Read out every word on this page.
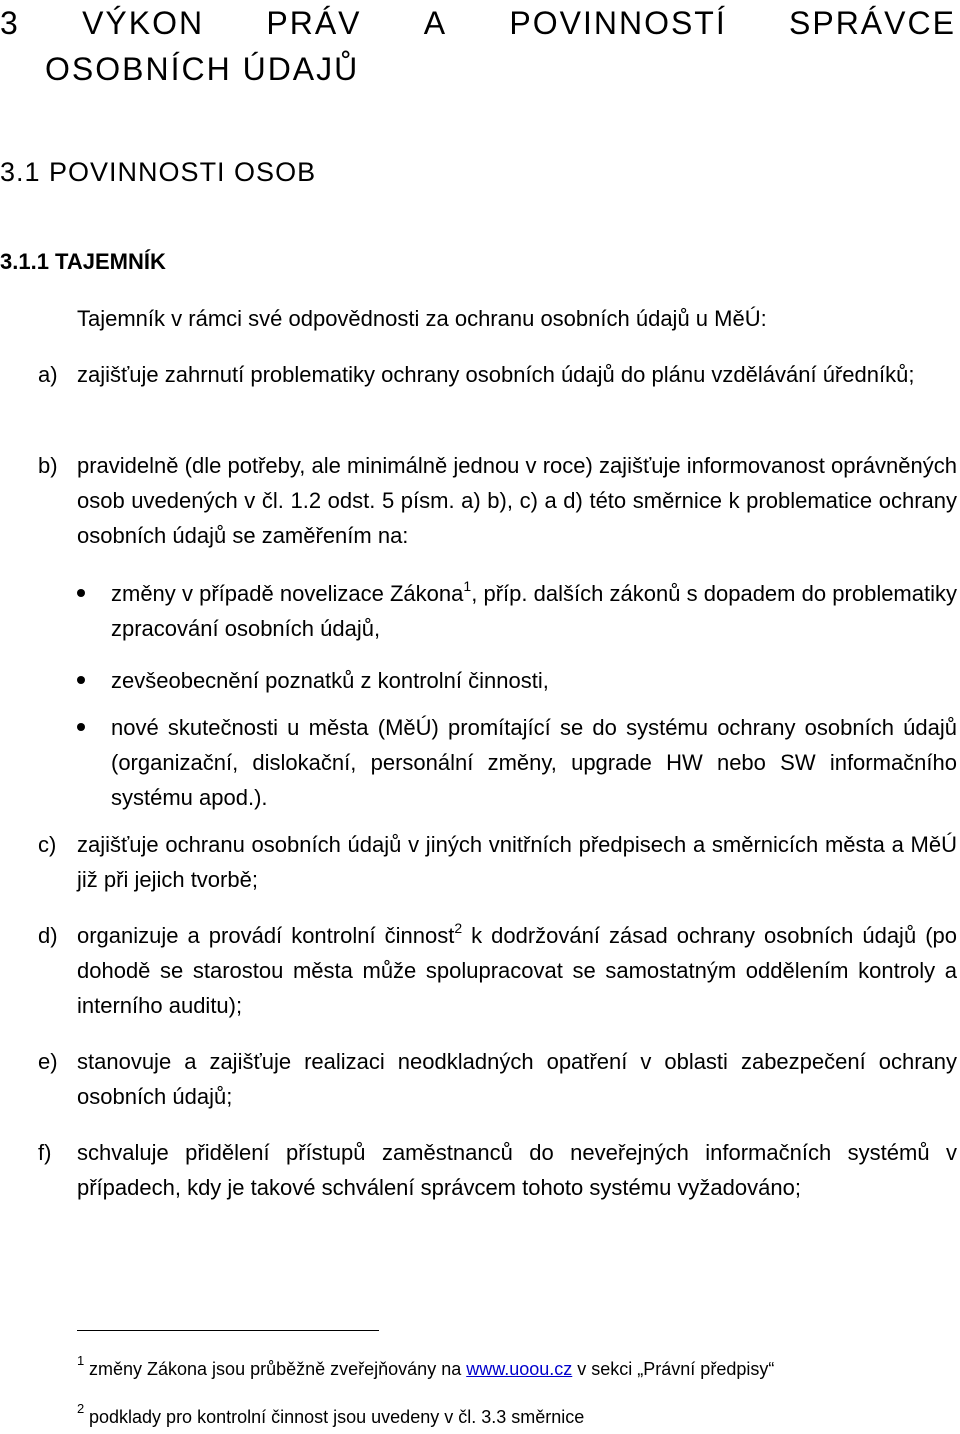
3 VÝKON PRÁV A POVINNOSTÍ SPRÁVCE
OSOBNÍCH ÚDAJŮ
3.1 POVINNOSTI OSOB
3.1.1 TAJEMNÍK
Tajemník v rámci své odpovědnosti za ochranu osobních údajů u MěÚ:
a) zajišťuje zahrnutí problematiky ochrany osobních údajů do plánu vzdělávání úředníků;
b) pravidelně (dle potřeby, ale minimálně jednou v roce) zajišťuje informovanost oprávněných osob uvedených v čl. 1.2 odst. 5 písm. a) b), c) a d) této směrnice k problematice ochrany osobních údajů se zaměřením na:
změny v případě novelizace Zákona$^1$, příp. dalších zákonů s dopadem do problematiky zpracování osobních údajů,
zevšeobecnění poznatků z kontrolní činnosti,
nové skutečnosti u města (MěÚ) promítající se do systému ochrany osobních údajů (organizační, dislokační, personální změny, upgrade HW nebo SW informačního systému apod.).
c) zajišťuje ochranu osobních údajů v jiných vnitřních předpisech a směrnicích města a MěÚ již při jejich tvorbě;
d) organizuje a provádí kontrolní činnost$^2$ k dodržování zásad ochrany osobních údajů (po dohodě se starostou města může spolupracovat se samostatným oddělením kontroly a interního auditu);
e) stanovuje a zajišťuje realizaci neodkladných opatření v oblasti zabezpečení ochrany osobních údajů;
f) schvaluje přidělení přístupů zaměstnanců do neveřejných informačních systémů v případech, kdy je takové schválení správcem tohoto systému vyžadováno;
1 změny Zákona jsou průběžně zveřejňovány na www.uoou.cz v sekci „Právní předpisy“
2 podklady pro kontrolní činnost jsou uvedeny v čl. 3.3 směrnice
